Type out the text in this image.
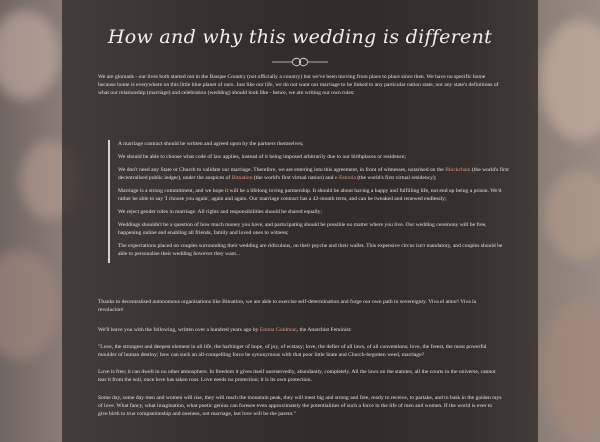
How and why this wedding is different

We are glomads - our lives both started out in the Basque Country (not officially a country) but we've been moving from place to place since then. We have no specific home because home is everywhere on this little blue planet of ours. Just like our life, we do not want our marriage to be linked to any particular nation state, nor any state's definitions of what our relationship (marriage) and celebration (wedding) should look like - hence, we are writing our own rules:

A marriage contract should be written and agreed upon by the partners themselves;

We should be able to choose what code of law applies, instead of it being imposed arbitrarily due to our birthplaces or residence;

We don't need any State or Church to validate our marriage. Therefore, we are entering into this agreement, in front of witnesses, notarised on the Blockchain (the world's first decentralised public ledger), under the auspices of Bitnation (the world's first virtual nation) and e-Estonia (the world's first virtual residency);

Marriage is a strong commitment, and we hope it will be a lifelong loving partnership. It should be about having a happy and fulfilling life, not end up being a prison. We'd rather be able to say 'I choose you again', again and again. Our marriage contract has a 42-month term, and can be tweaked and renewed endlessly;

We reject gender roles in marriage. All rights and responsibilities should be shared equally;

Weddings shouldn't be a question of how much money you have, and participating should be possible no matter where you live. Our wedding ceremony will be free, happening online and enabling all friends, family and loved ones to witness;

The expectations placed on couples surrounding their wedding are ridiculous, on their psyche and their wallet. This expensive circus isn't mandatory, and couples should be able to personalise their wedding however they want...

Thanks to decentralised autonomous organisations like Bitnation, we are able to exercise self-determination and forge our own path to sovereignty. Viva el amor! Viva la revolucion!

We'll leave you with the following, written over a hundred years ago by Emma Goldman, the Anarchist Feminist:

"Love, the strongest and deepest element in all life, the harbinger of hope, of joy, of ecstasy; love, the defier of all laws, of all conventions; love, the freest, the most powerful moulder of human destiny; how can such an all-compelling force be synonymous with that poor little State and Church-begotten weed, marriage?

Love is free; it can dwell in no other atmosphere. In freedom it gives itself unreservedly, abundantly, completely. All the laws on the statutes, all the courts in the universe, cannot tear it from the soil, once love has taken root. Love needs no protection; it is its own protection.

Some day, some day men and women will rise, they will reach the mountain peak, they will meet big and strong and free, ready to receive, to partake, and to bask in the golden rays of love. What fancy, what imagination, what poetic genius can foresee even approximately the potentialities of such a force in the life of men and women. If the world is ever to give birth to true companionship and oneness, not marriage, but love will be the parent."
